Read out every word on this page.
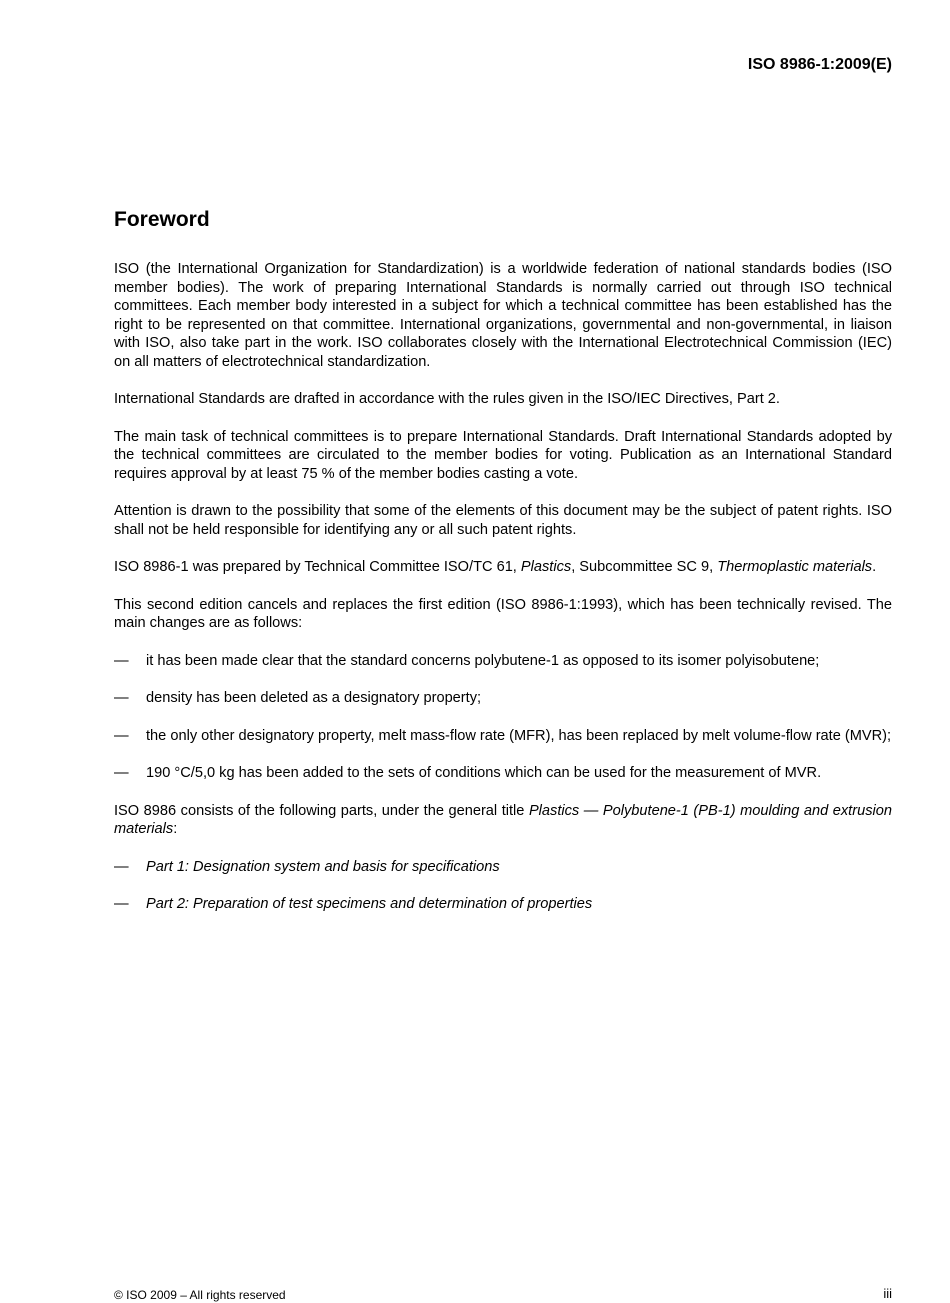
ISO 8986-1:2009(E)
Foreword

ISO (the International Organization for Standardization) is a worldwide federation of national standards bodies (ISO member bodies). The work of preparing International Standards is normally carried out through ISO technical committees. Each member body interested in a subject for which a technical committee has been established has the right to be represented on that committee. International organizations, governmental and non-governmental, in liaison with ISO, also take part in the work. ISO collaborates closely with the International Electrotechnical Commission (IEC) on all matters of electrotechnical standardization.

International Standards are drafted in accordance with the rules given in the ISO/IEC Directives, Part 2.

The main task of technical committees is to prepare International Standards. Draft International Standards adopted by the technical committees are circulated to the member bodies for voting. Publication as an International Standard requires approval by at least 75 % of the member bodies casting a vote.

Attention is drawn to the possibility that some of the elements of this document may be the subject of patent rights. ISO shall not be held responsible for identifying any or all such patent rights.

ISO 8986-1 was prepared by Technical Committee ISO/TC 61, Plastics, Subcommittee SC 9, Thermoplastic materials.

This second edition cancels and replaces the first edition (ISO 8986-1:1993), which has been technically revised. The main changes are as follows:

— it has been made clear that the standard concerns polybutene-1 as opposed to its isomer polyisobutene;
— density has been deleted as a designatory property;
— the only other designatory property, melt mass-flow rate (MFR), has been replaced by melt volume-flow rate (MVR);
— 190 °C/5,0 kg has been added to the sets of conditions which can be used for the measurement of MVR.

ISO 8986 consists of the following parts, under the general title Plastics — Polybutene-1 (PB-1) moulding and extrusion materials:

— Part 1: Designation system and basis for specifications
— Part 2: Preparation of test specimens and determination of properties
© ISO 2009 – All rights reserved	iii
